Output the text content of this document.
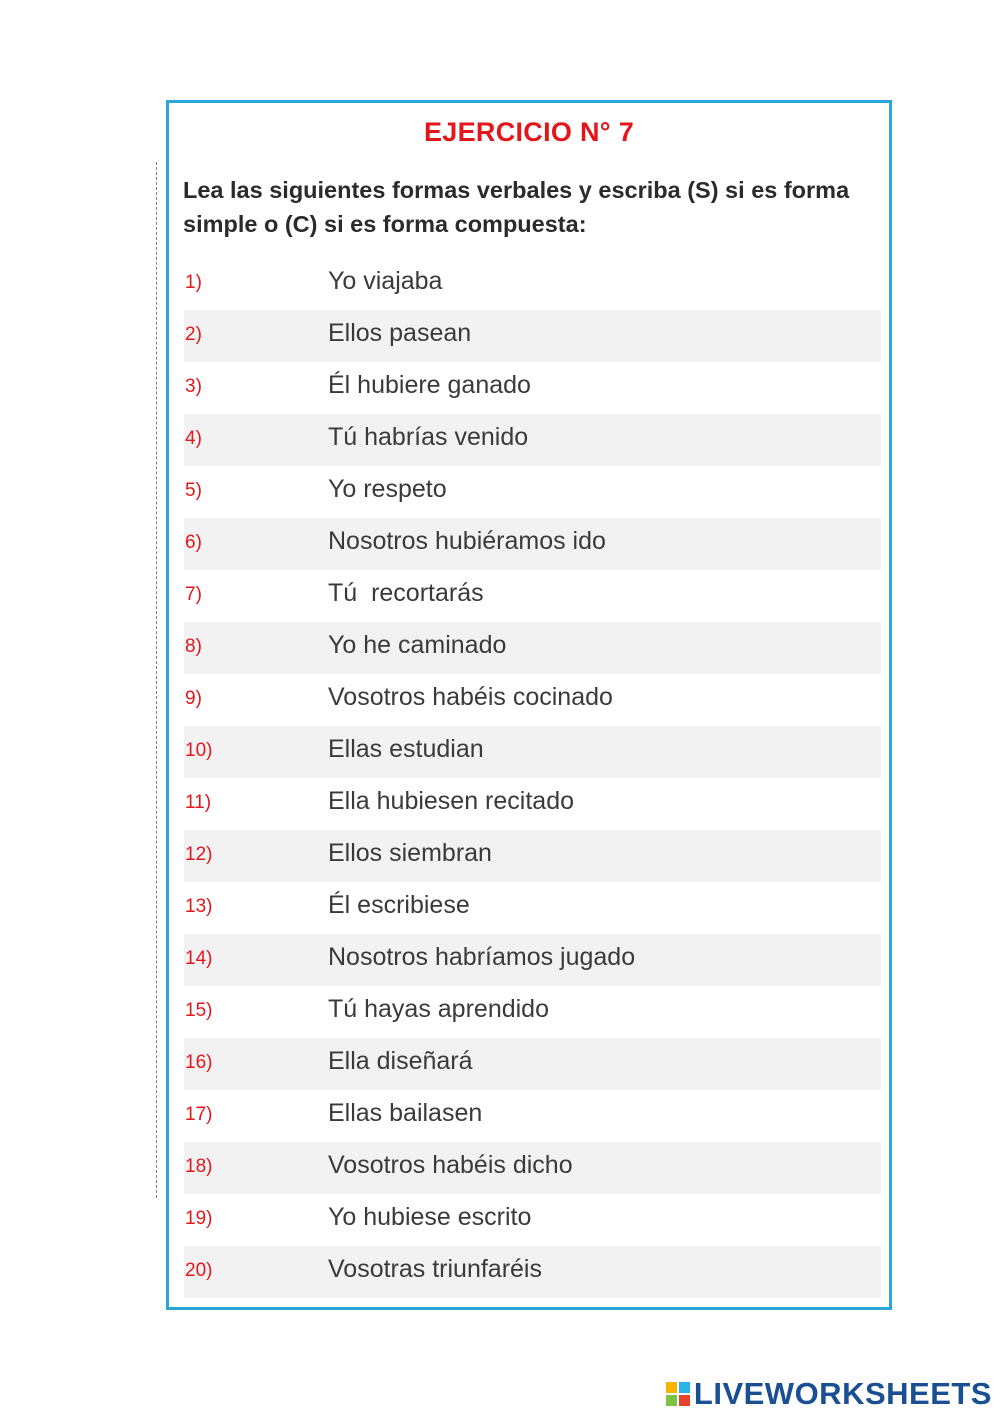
EJERCICIO N° 7
Lea las siguientes formas verbales y escriba (S) si es forma simple o (C) si es forma compuesta:
1)	Yo viajaba
2)	Ellos pasean
3)	Él hubiere ganado
4)	Tú habrías venido
5)	Yo respeto
6)	Nosotros hubiéramos ido
7)	Tú  recortarás
8)	Yo he caminado
9)	Vosotros habéis cocinado
10)	Ellas estudian
11)	Ella hubiesen recitado
12)	Ellos siembran
13)	Él escribiese
14)	Nosotros habríamos jugado
15)	Tú hayas aprendido
16)	Ella diseñará
17)	Ellas bailasen
18)	Vosotros habéis dicho
19)	Yo hubiese escrito
20)	Vosotras triunfaréis
LIVEWORKSHEETS
